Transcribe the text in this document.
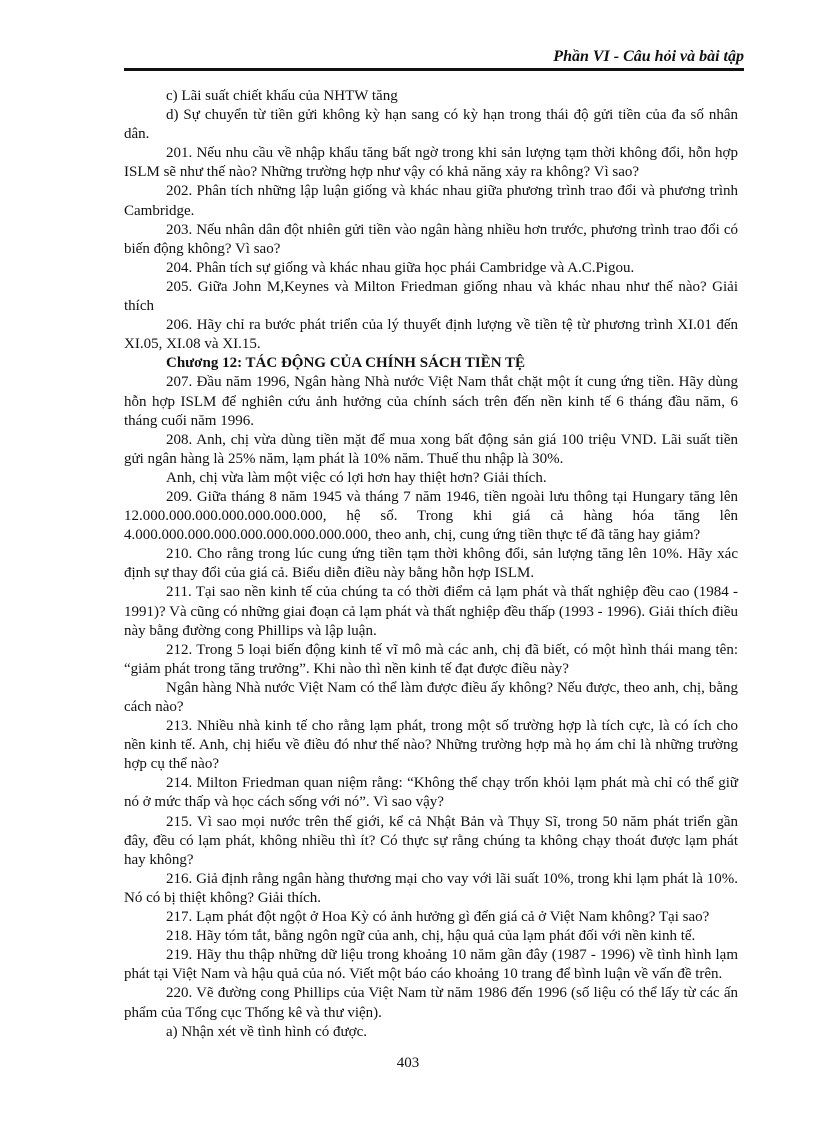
Phần VI - Câu hỏi và bài tập

c) Lãi suất chiết khấu của NHTW tăng

d) Sự chuyển từ tiền gửi không kỳ hạn sang có kỳ hạn trong thái độ gửi tiền của đa số nhân dân.

201. Nếu nhu cầu về nhập khẩu tăng bất ngờ trong khi sản lượng tạm thời không đổi, hỗn hợp ISLM sẽ như thế nào? Những trường hợp như vậy có khả năng xảy ra không? Vì sao?

202. Phân tích những lập luận giống và khác nhau giữa phương trình trao đổi và phương trình Cambridge.

203. Nếu nhân dân đột nhiên gửi tiền vào ngân hàng nhiều hơn trước, phương trình trao đổi có biến động không? Vì sao?

204. Phân tích sự giống và khác nhau giữa học phái Cambridge và A.C.Pigou.

205. Giữa John M,Keynes và Milton Friedman giống nhau và khác nhau như thế nào? Giải thích

206. Hãy chỉ ra bước phát triển của lý thuyết định lượng về tiền tệ từ phương trình XI.01 đến XI.05, XI.08 và XI.15.

Chương 12: TÁC ĐỘNG CỦA CHÍNH SÁCH TIỀN TỆ

207. Đầu năm 1996, Ngân hàng Nhà nước Việt Nam thắt chặt một ít cung ứng tiền. Hãy dùng hỗn hợp ISLM để nghiên cứu ảnh hưởng của chính sách trên đến nền kinh tế 6 tháng đầu năm, 6 tháng cuối năm 1996.

208. Anh, chị vừa dùng tiền mặt để mua xong bất động sản giá 100 triệu VND. Lãi suất tiền gửi ngân hàng là 25% năm, lạm phát là 10% năm. Thuế thu nhập là 30%.

Anh, chị vừa làm một việc có lợi hơn hay thiệt hơn? Giải thích.

209. Giữa tháng 8 năm 1945 và tháng 7 năm 1946, tiền ngoài lưu thông tại Hungary tăng lên 12.000.000.000.000.000.000.000, hệ số. Trong khi giá cả hàng hóa tăng lên 4.000.000.000.000.000.000.000.000.000, theo anh, chị, cung ứng tiền thực tế đã tăng hay giảm?

210. Cho rằng trong lúc cung ứng tiền tạm thời không đổi, sản lượng tăng lên 10%. Hãy xác định sự thay đổi của giá cả. Biểu diễn điều này bằng hỗn hợp ISLM.

211. Tại sao nền kinh tế của chúng ta có thời điểm cả lạm phát và thất nghiệp đều cao (1984 - 1991)? Và cũng có những giai đoạn cả lạm phát và thất nghiệp đều thấp (1993 - 1996). Giải thích điều này bằng đường cong Phillips và lập luận.

212. Trong 5 loại biến động kinh tế vĩ mô mà các anh, chị đã biết, có một hình thái mang tên: “giảm phát trong tăng trưởng”. Khi nào thì nền kinh tế đạt được điều này?

Ngân hàng Nhà nước Việt Nam có thể làm được điều ấy không? Nếu được, theo anh, chị, bằng cách nào?

213. Nhiều nhà kinh tế cho rằng lạm phát, trong một số trường hợp là tích cực, là có ích cho nền kinh tế. Anh, chị hiểu về điều đó như thế nào? Những trường hợp mà họ ám chỉ là những trường hợp cụ thể nào?

214. Milton Friedman quan niệm rằng: “Không thể chạy trốn khỏi lạm phát mà chỉ có thể giữ nó ở mức thấp và học cách sống với nó”. Vì sao vậy?

215. Vì sao mọi nước trên thế giới, kể cả Nhật Bản và Thụy Sĩ, trong 50 năm phát triển gần đây, đều có lạm phát, không nhiều thì ít? Có thực sự rằng chúng ta không chạy thoát được lạm phát hay không?

216. Giả định rằng ngân hàng thương mại cho vay với lãi suất 10%, trong khi lạm phát là 10%. Nó có bị thiệt không? Giải thích.

217. Lạm phát đột ngột ở Hoa Kỳ có ảnh hưởng gì đến giá cả ở Việt Nam không? Tại sao?

218. Hãy tóm tắt, bằng ngôn ngữ của anh, chị, hậu quả của lạm phát đối với nền kinh tế.

219. Hãy thu thập những dữ liệu trong khoảng 10 năm gần đây (1987 - 1996) về tình hình lạm phát tại Việt Nam và hậu quả của nó. Viết một báo cáo khoảng 10 trang để bình luận về vấn đề trên.

220. Vẽ đường cong Phillips của Việt Nam từ năm 1986 đến 1996 (số liệu có thể lấy từ các ấn phẩm của Tổng cục Thống kê và thư viện).

a) Nhận xét về tình hình có được.

403
